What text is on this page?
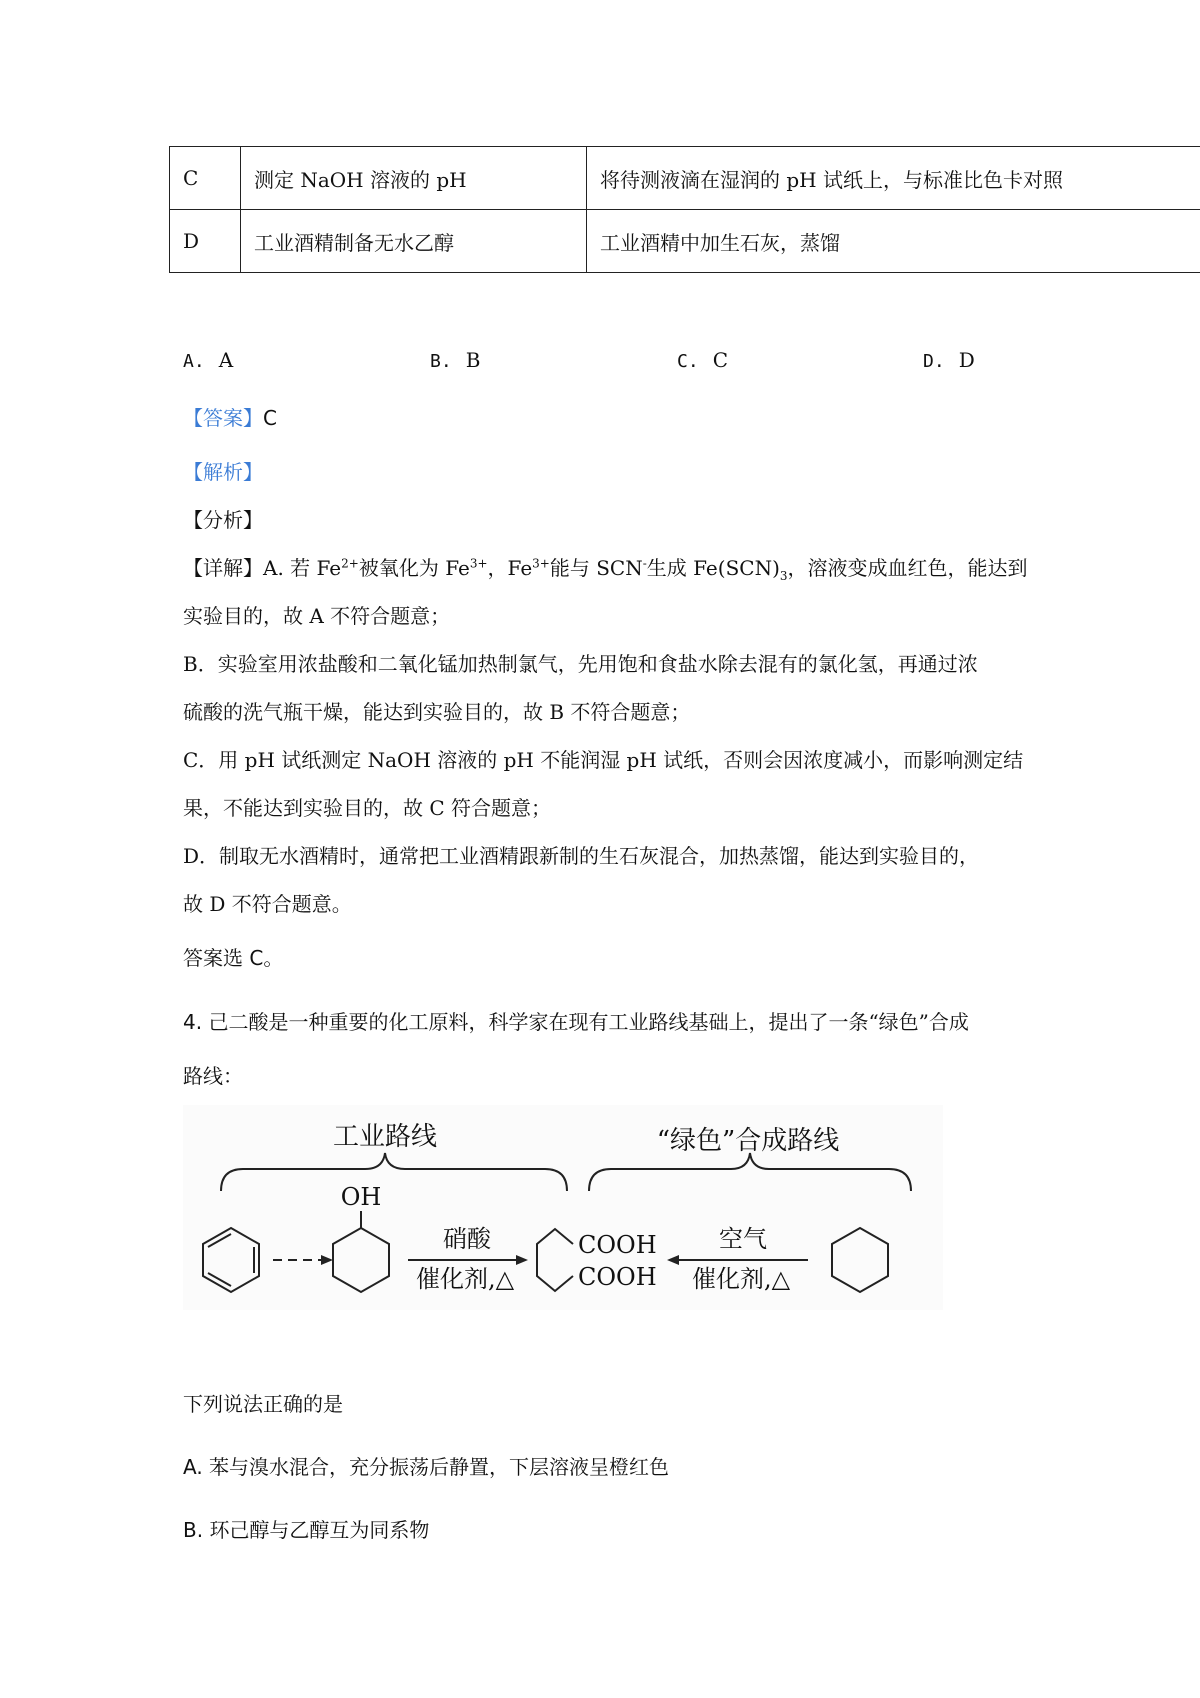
C	测定 NaOH 溶液的 pH	将待测液滴在湿润的 pH 试纸上，与标准比色卡对照
D	工业酒精制备无水乙醇	工业酒精中加生石灰，蒸馏
A. A	B. B	C. C	D. D
【答案】C
【解析】
【分析】
【详解】A. 若 $Fe^{2+}$被氧化为 $Fe^{3+}$，$Fe^{3+}$能与 SCN-生成 $Fe(SCN)_3$，溶液变成血红色，能达到
实验目的，故 A 不符合题意；
B．实验室用浓盐酸和二氧化锰加热制氯气，先用饱和食盐水除去混有的氯化氢，再通过浓
硫酸的洗气瓶干燥，能达到实验目的，故 B 不符合题意；
C．用 pH 试纸测定 NaOH 溶液的 pH 不能润湿 pH 试纸，否则会因浓度减小，而影响测定结
果，不能达到实验目的，故 C 符合题意；
D．制取无水酒精时，通常把工业酒精跟新制的生石灰混合，加热蒸馏，能达到实验目的，
故 D 不符合题意。
答案选 C。
4. 己二酸是一种重要的化工原料，科学家在现有工业路线基础上，提出了一条“绿色”合成
路线：
工业路线	“绿色”合成路线
OH
硝酸
催化剂,△
COOH
COOH
空气
催化剂,△
下列说法正确的是
A. 苯与溴水混合，充分振荡后静置，下层溶液呈橙红色
B. 环己醇与乙醇互为同系物
